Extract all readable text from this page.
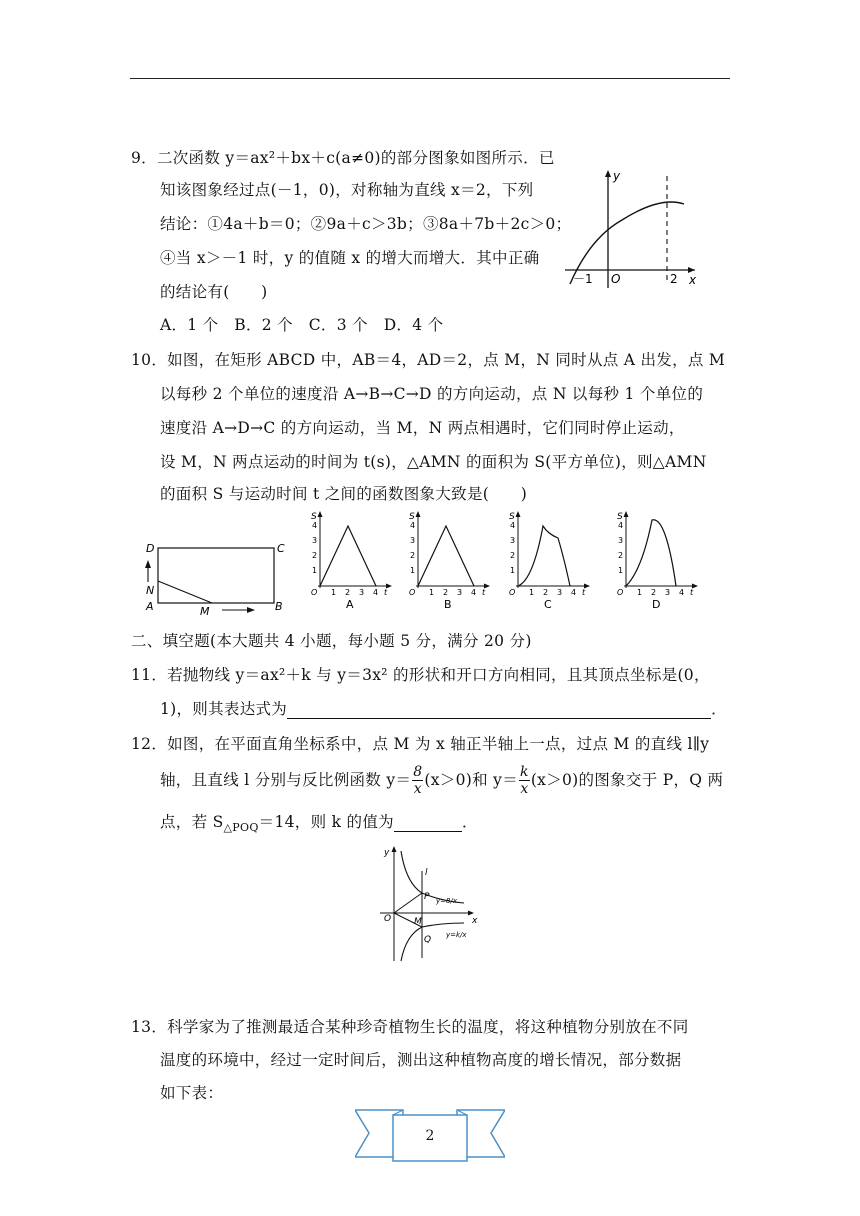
9．二次函数 y＝ax²＋bx＋c(a≠0)的部分图象如图所示．已
知该图象经过点(－1，0)，对称轴为直线 x＝2，下列
结论：①4a＋b＝0；②9a＋c＞3b；③8a＋7b＋2c＞0；
④当 x＞－1 时，y 的值随 x 的增大而增大．其中正确
的结论有(　　)
A．1 个　B．2 个　C．3 个　D．4 个
y
x
O
－1	2
10．如图，在矩形 ABCD 中，AB＝4，AD＝2，点 M，N 同时从点 A 出发，点 M
以每秒 2 个单位的速度沿 A→B→C→D 的方向运动，点 N 以每秒 1 个单位的
速度沿 A→D→C 的方向运动，当 M，N 两点相遇时，它们同时停止运动，
设 M，N 两点运动的时间为 t(s)，△AMN 的面积为 S(平方单位)，则△AMN
的面积 S 与运动时间 t 之间的函数图象大致是(　　)
D	C
N
A	M	B
S
4
3
2
1
O 1 2 3 4 t
A
S
4
3
2
1
O 1 2 3 4 t
B
S
4
3
2
1
O 1 2 3 4 t
C
S
4
3
2
1
O 1 2 3 4 t
D
二、填空题(本大题共 4 小题，每小题 5 分，满分 20 分)
11．若抛物线 y＝ax²＋k 与 y＝3x² 的形状和开口方向相同，且其顶点坐标是(0，
1)，则其表达式为	．
12．如图，在平面直角坐标系中，点 M 为 x 轴正半轴上一点，过点 M 的直线 l∥y
轴，且直线 l 分别与反比例函数 $y= \frac{8}{x} (x>0)$和 $y= \frac{k}{x} (x>0)$的图象交于 P，Q 两
点，若 $S_{\triangle POQ}=14$，则 k 的值为	．
y
x
O
l
P
Q
M
y=8/x
y=k/x
13．科学家为了推测最适合某种珍奇植物生长的温度，将这种植物分别放在不同
温度的环境中，经过一定时间后，测出这种植物高度的增长情况，部分数据
如下表：
2
